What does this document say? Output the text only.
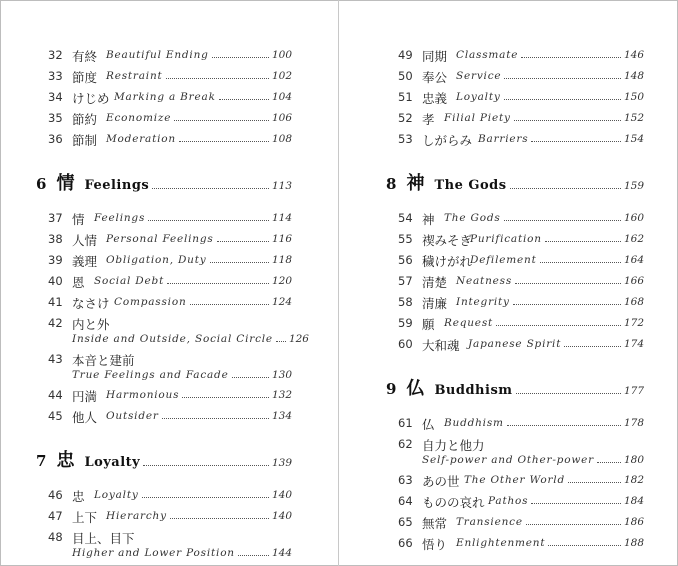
32 有終 Beautiful Ending	100
33 節度 Restraint	102
34 けじめ Marking a Break	104
35 節約 Economize	106
36 節制 Moderation	108
6 情 Feelings	113
37 情 Feelings	114
38 人情 Personal Feelings	116
39 義理 Obligation, Duty	118
40 恩 Social Debt	120
41 なさけ Compassion	124
42 内と外
Inside and Outside, Social Circle 126
43 本音と建前
True Feelings and Facade	130
44 円満 Harmonious	132
45 他人 Outsider	134
7 忠 Loyalty	139
46 忠 Loyalty	140
47 上下 Hierarchy	140
48 目上、目下
Higher and Lower Position	144
49 同期 Classmate	146
50 奉公 Service	148
51 忠義 Loyalty	150
52 孝 Filial Piety	152
53 しがらみ Barriers	154
8 神 The Gods	159
54 神 The Gods	160
55 禊みそぎ
Purification	162
56 穢けがれ
Defilement	164
57 清楚 Neatness	166
58 清廉 Integrity	168
59 願 Request	172
60 大和魂 Japanese Spirit	174
9 仏 Buddhism	177
61 仏 Buddhism	178
62 自力と他力
Self-power and Other-power	180
63 あの世 The Other World	182
64 ものの哀れ Pathos	184
65 無常 Transience	186
66 悟り Enlightenment	188
